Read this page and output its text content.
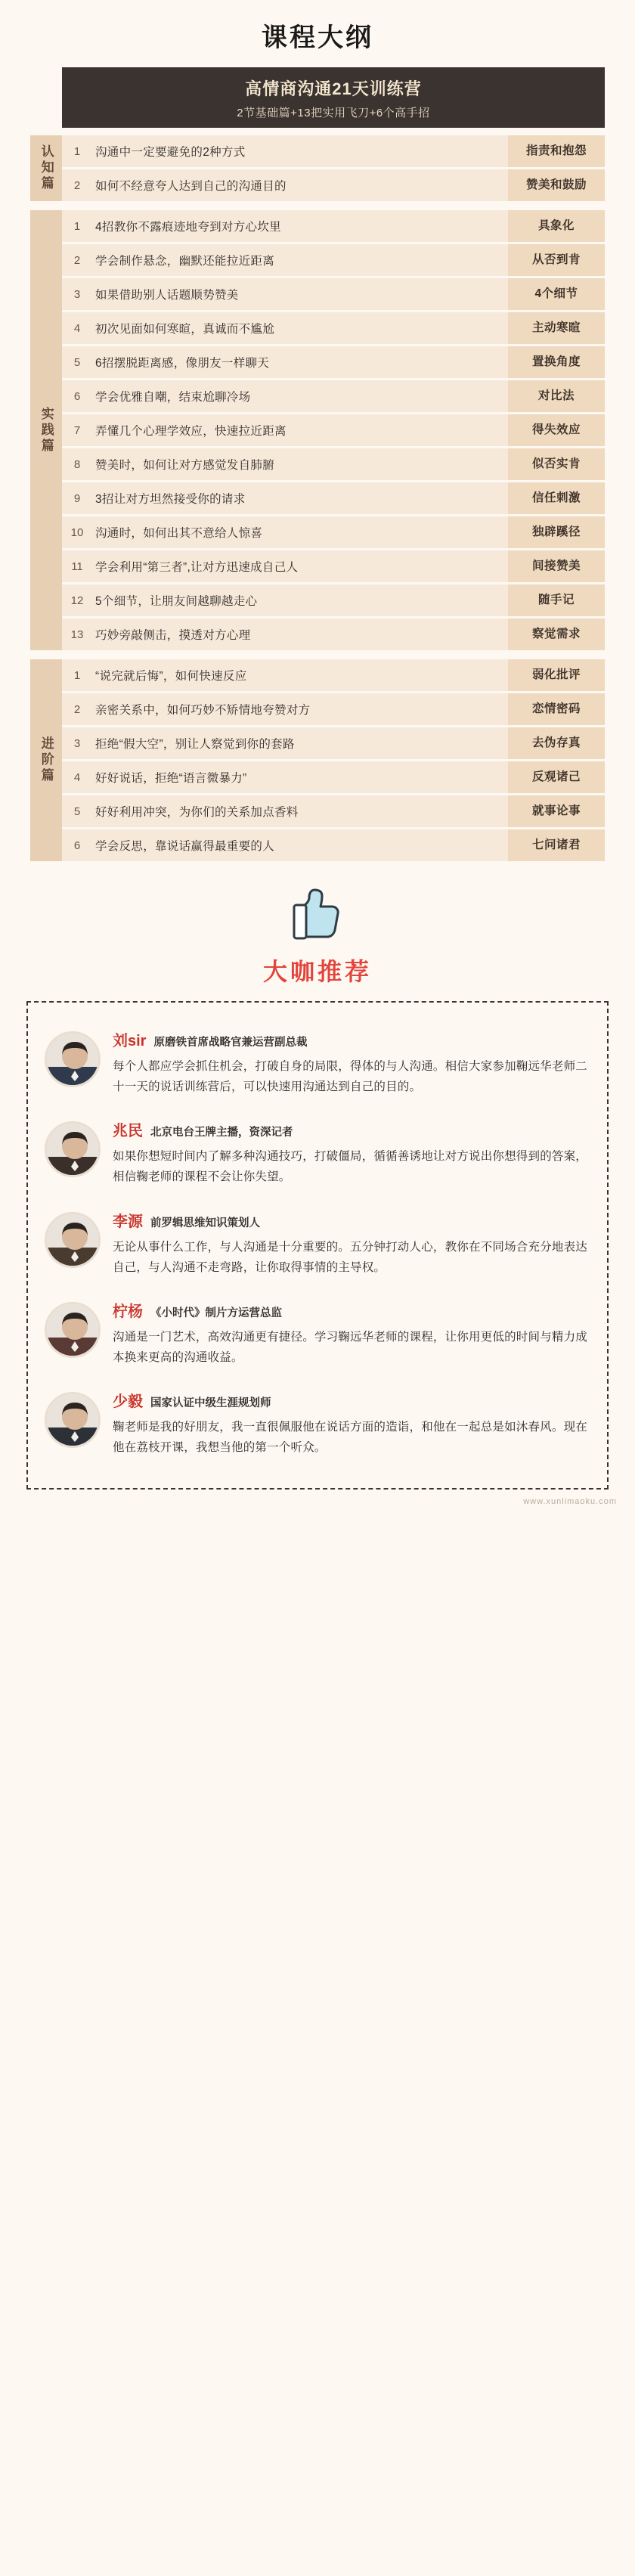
课程大纲
高情商沟通21天训练营
2节基础篇+13把实用飞刀+6个高手招
认知篇	1	沟通中一定要避免的2种方式	指责和抱怨
2	如何不经意夸人达到自己的沟通目的	赞美和鼓励
实践篇
1	4招教你不露痕迹地夸到对方心坎里	具象化
2	学会制作悬念，幽默还能拉近距离	从否到肯
3	如果借助别人话题顺势赞美	4个细节
4	初次见面如何寒暄，真诚而不尴尬	主动寒暄
5	6招摆脱距离感，像朋友一样聊天	置换角度
6	学会优雅自嘲，结束尬聊冷场	对比法
7	弄懂几个心理学效应，快速拉近距离	得失效应
8	赞美时，如何让对方感觉发自肺腑	似否实肯
9	3招让对方坦然接受你的请求	信任刺激
10	沟通时，如何出其不意给人惊喜	独辟蹊径
11	学会利用“第三者”,让对方迅速成自己人	间接赞美
12	5个细节，让朋友间越聊越走心	随手记
13	巧妙旁敲侧击，摸透对方心理	察觉需求
进阶篇
1	“说完就后悔”，如何快速反应	弱化批评
2	亲密关系中，如何巧妙不矫情地夸赞对方	恋情密码
3	拒绝“假大空”，别让人察觉到你的套路	去伪存真
4	好好说话，拒绝“语言微暴力”	反观诸己
5	好好利用冲突，为你们的关系加点香料	就事论事
6	学会反思，靠说话赢得最重要的人	七问诸君
大咖推荐
刘sir 原磨铁首席战略官兼运营副总裁
每个人都应学会抓住机会，打破自身的局限，得体的与人沟通。相信大家参加鞠远华老师二十一天的说话训练营后，可以快速用沟通达到自己的目的。
兆民 北京电台王牌主播，资深记者
如果你想短时间内了解多种沟通技巧，打破僵局，循循善诱地让对方说出你想得到的答案，相信鞠老师的课程不会让你失望。
李源 前罗辑思维知识策划人
无论从事什么工作，与人沟通是十分重要的。五分钟打动人心，教你在不同场合充分地表达自己，与人沟通不走弯路，让你取得事情的主导权。
柠杨 《小时代》制片方运营总监
沟通是一门艺术，高效沟通更有捷径。学习鞠远华老师的课程，让你用更低的时间与精力成本换来更高的沟通收益。
少毅 国家认证中级生涯规划师
鞠老师是我的好朋友，我一直很佩服他在说话方面的造诣，和他在一起总是如沐春风。现在他在荔枝开课，我想当他的第一个听众。
www.xunlimaoku.com
